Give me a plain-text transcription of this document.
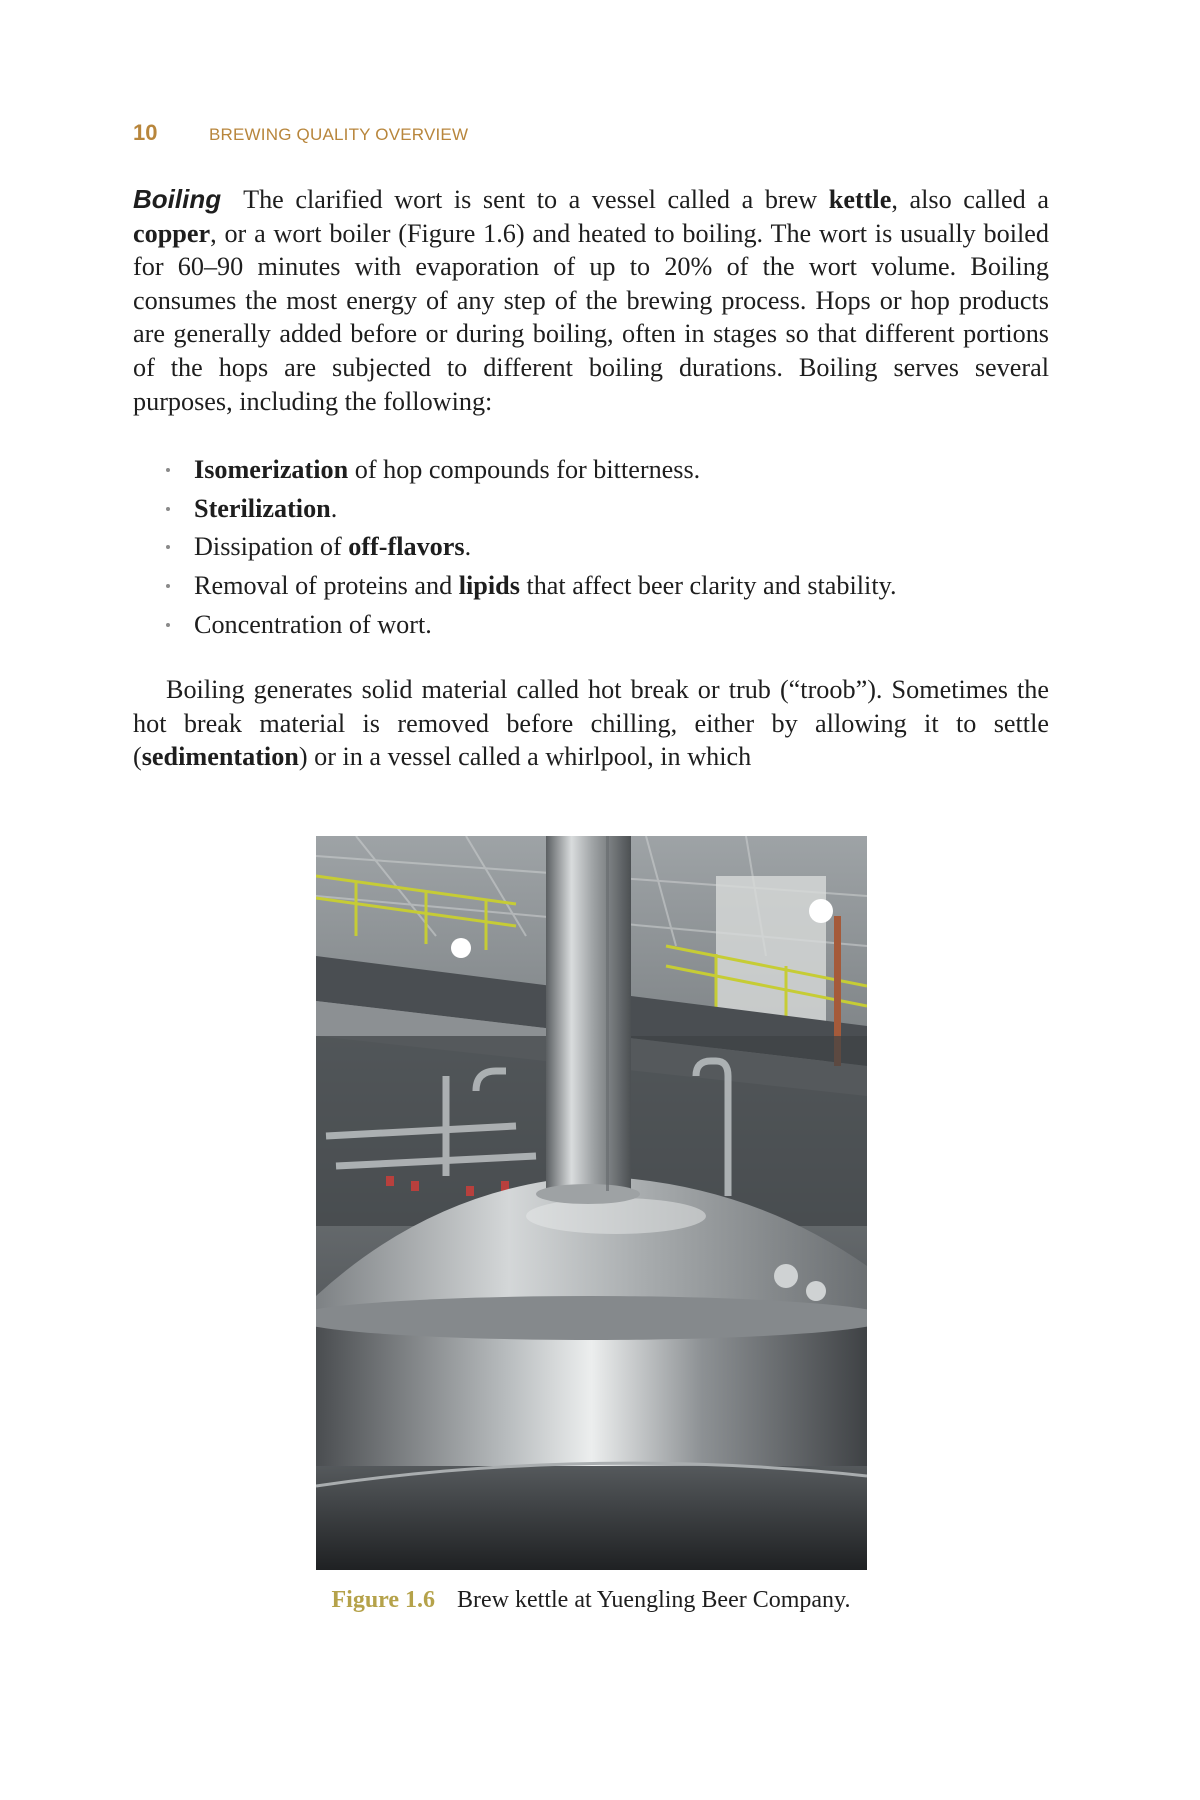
10	BREWING QUALITY OVERVIEW

Boiling The clarified wort is sent to a vessel called a brew kettle, also called a copper, or a wort boiler (Figure 1.6) and heated to boiling. The wort is usually boiled for 60–90 minutes with evaporation of up to 20% of the wort volume. Boiling consumes the most energy of any step of the brewing process. Hops or hop products are generally added before or during boiling, often in stages so that different portions of the hops are subjected to different boiling durations. Boiling serves several purposes, including the following:

Isomerization of hop compounds for bitterness.
Sterilization.
Dissipation of off-flavors.
Removal of proteins and lipids that affect beer clarity and stability.
Concentration of wort.

Boiling generates solid material called hot break or trub (“troob”). Sometimes the hot break material is removed before chilling, either by allowing it to settle (sedimentation) or in a vessel called a whirlpool, in which

Figure 1.6 Brew kettle at Yuengling Beer Company.
